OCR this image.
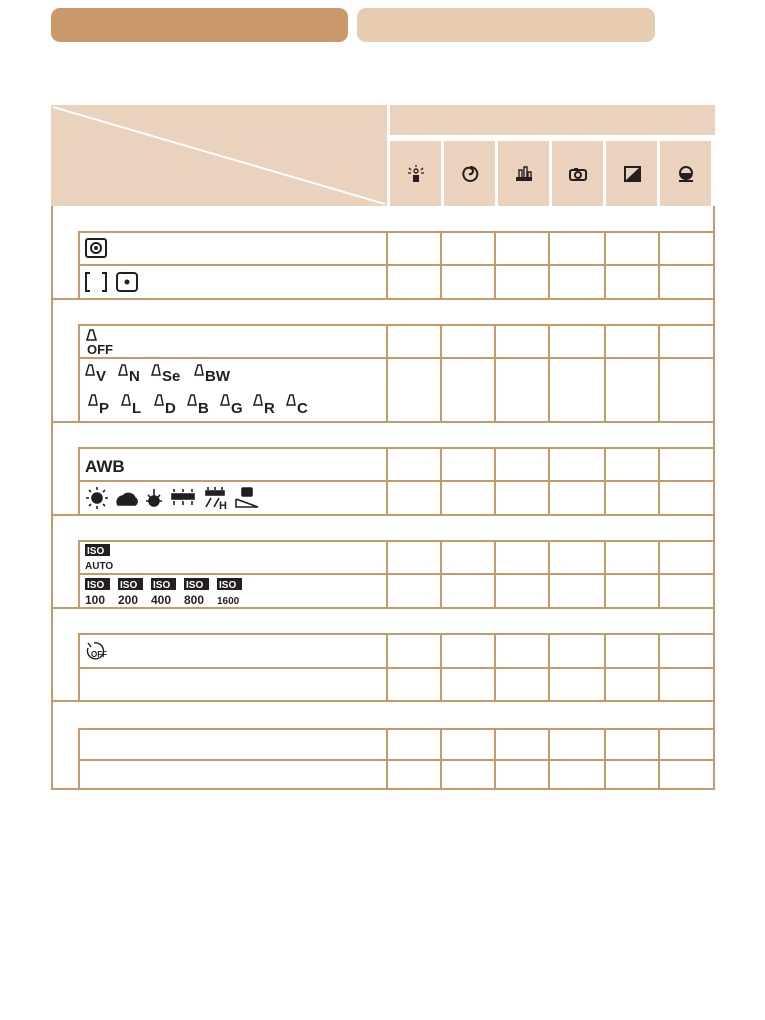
OFF
V N Se BW
P L D B G R C
AWB
H
ISO
AUTO
ISO ISO ISO ISO ISO
100 200 400 800 1600
OFF
